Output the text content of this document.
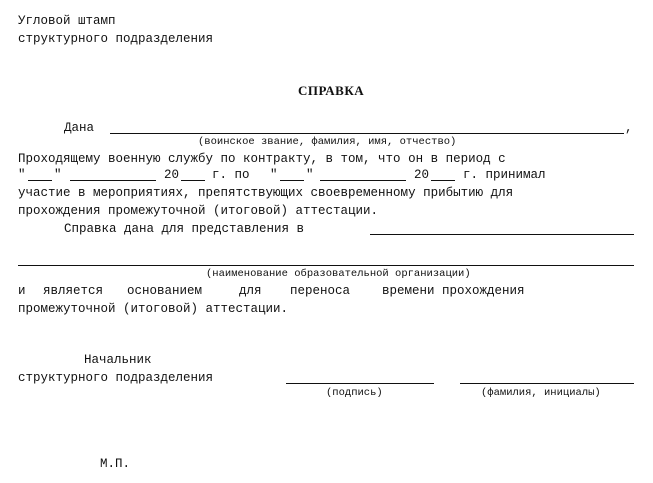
Угловой штамп
структурного подразделения
СПРАВКА
Дана	,
(воинское звание, фамилия, имя, отчество)
Проходящему военную службу по контракту, в том, что он в период с
" "	20	г. по " "	20	г. принимал
участие в мероприятиях, препятствующих своевременному прибытию для
прохождения промежуточной (итоговой) аттестации.
Справка дана для представления в
(наименование образовательной организации)
и является основанием	для переноса	времени прохождения
промежуточной (итоговой) аттестации.
Начальник
структурного подразделения
(подпись)	(фамилия, инициалы)
М.П.
